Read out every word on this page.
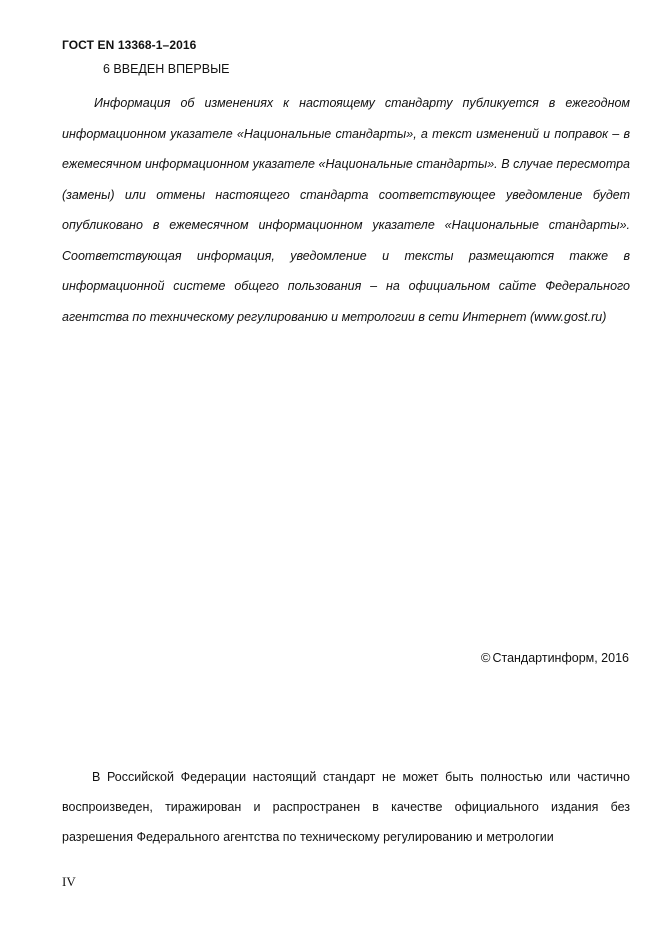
ГОСТ EN 13368-1–2016
6 ВВЕДЕН ВПЕРВЫЕ
Информация об изменениях к настоящему стандарту публикуется в ежегодном информационном указателе «Национальные стандарты», а текст изменений и поправок – в ежемесячном информационном указателе «Национальные стандарты». В случае пересмотра (замены) или отмены настоящего стандарта соответствующее уведомление будет опубликовано в ежемесячном информационном указателе «Национальные стандарты». Соответствующая информация, уведомление и тексты размещаются также в информационной системе общего пользования – на официальном сайте Федерального агентства по техническому регулированию и метрологии в сети Интернет (www.gost.ru)
© Стандартинформ, 2016
В Российской Федерации настоящий стандарт не может быть полностью или частично воспроизведен, тиражирован и распространен в качестве официального издания без разрешения Федерального агентства по техническому регулированию и метрологии
IV
